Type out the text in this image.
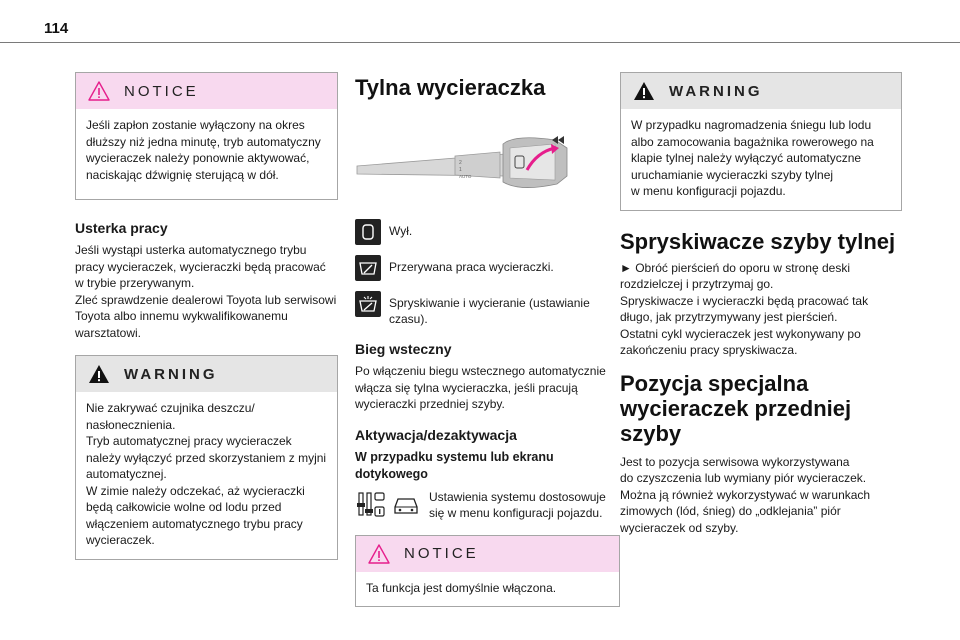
114
NOTICE

Jeśli zapłon zostanie wyłączony na okres
dłuższy niż jedna minutę, tryb automatyczny
wycieraczek należy ponownie aktywować,
naciskając dźwignię sterującą w dół.

Usterka pracy

Jeśli wystąpi usterka automatycznego trybu
pracy wycieraczek, wycieraczki będą pracować
w trybie przerywanym.
Zleć sprawdzenie dealerowi Toyota lub serwisowi
Toyota albo innemu wykwalifikowanemu
warsztatowi.

WARNING

Nie zakrywać czujnika deszczu/
nasłonecznienia.
Tryb automatycznej pracy wycieraczek
należy wyłączyć przed skorzystaniem z myjni
automatycznej.
W zimie należy odczekać, aż wycieraczki
będą całkowicie wolne od lodu przed
włączeniem automatycznego trybu pracy
wycieraczek.

Tylna wycieraczka
2
1
AUTO
Wył.
Przerywana praca wycieraczki.
Spryskiwanie i wycieranie (ustawianie
czasu).
Bieg wsteczny

Po włączeniu biegu wstecznego automatycznie
włącza się tylna wycieraczka, jeśli pracują
wycieraczki przedniej szyby.

Aktywacja/dezaktywacja
W przypadku systemu lub ekranu
dotykowego
Ustawienia systemu dostosowuje
się w menu konfiguracji pojazdu.
NOTICE

Ta funkcja jest domyślnie włączona.

WARNING

W przypadku nagromadzenia śniegu lub lodu
albo zamocowania bagażnika rowerowego na
klapie tylnej należy wyłączyć automatyczne
uruchamianie wycieraczki szyby tylnej
w menu konfiguracji pojazdu.

Spryskiwacze szyby tylnej

► Obróć pierścień do oporu w stronę deski
rozdzielczej i przytrzymaj go.
Spryskiwacze i wycieraczki będą pracować tak
długo, jak przytrzymywany jest pierścień.
Ostatni cykl wycieraczek jest wykonywany po
zakończeniu pracy spryskiwacza.

Pozycja specjalna
wycieraczek przedniej szyby

Jest to pozycja serwisowa wykorzystywana
do czyszczenia lub wymiany piór wycieraczek.
Można ją również wykorzystywać w warunkach
zimowych (lód, śnieg) do „odklejania” piór
wycieraczek od szyby.
